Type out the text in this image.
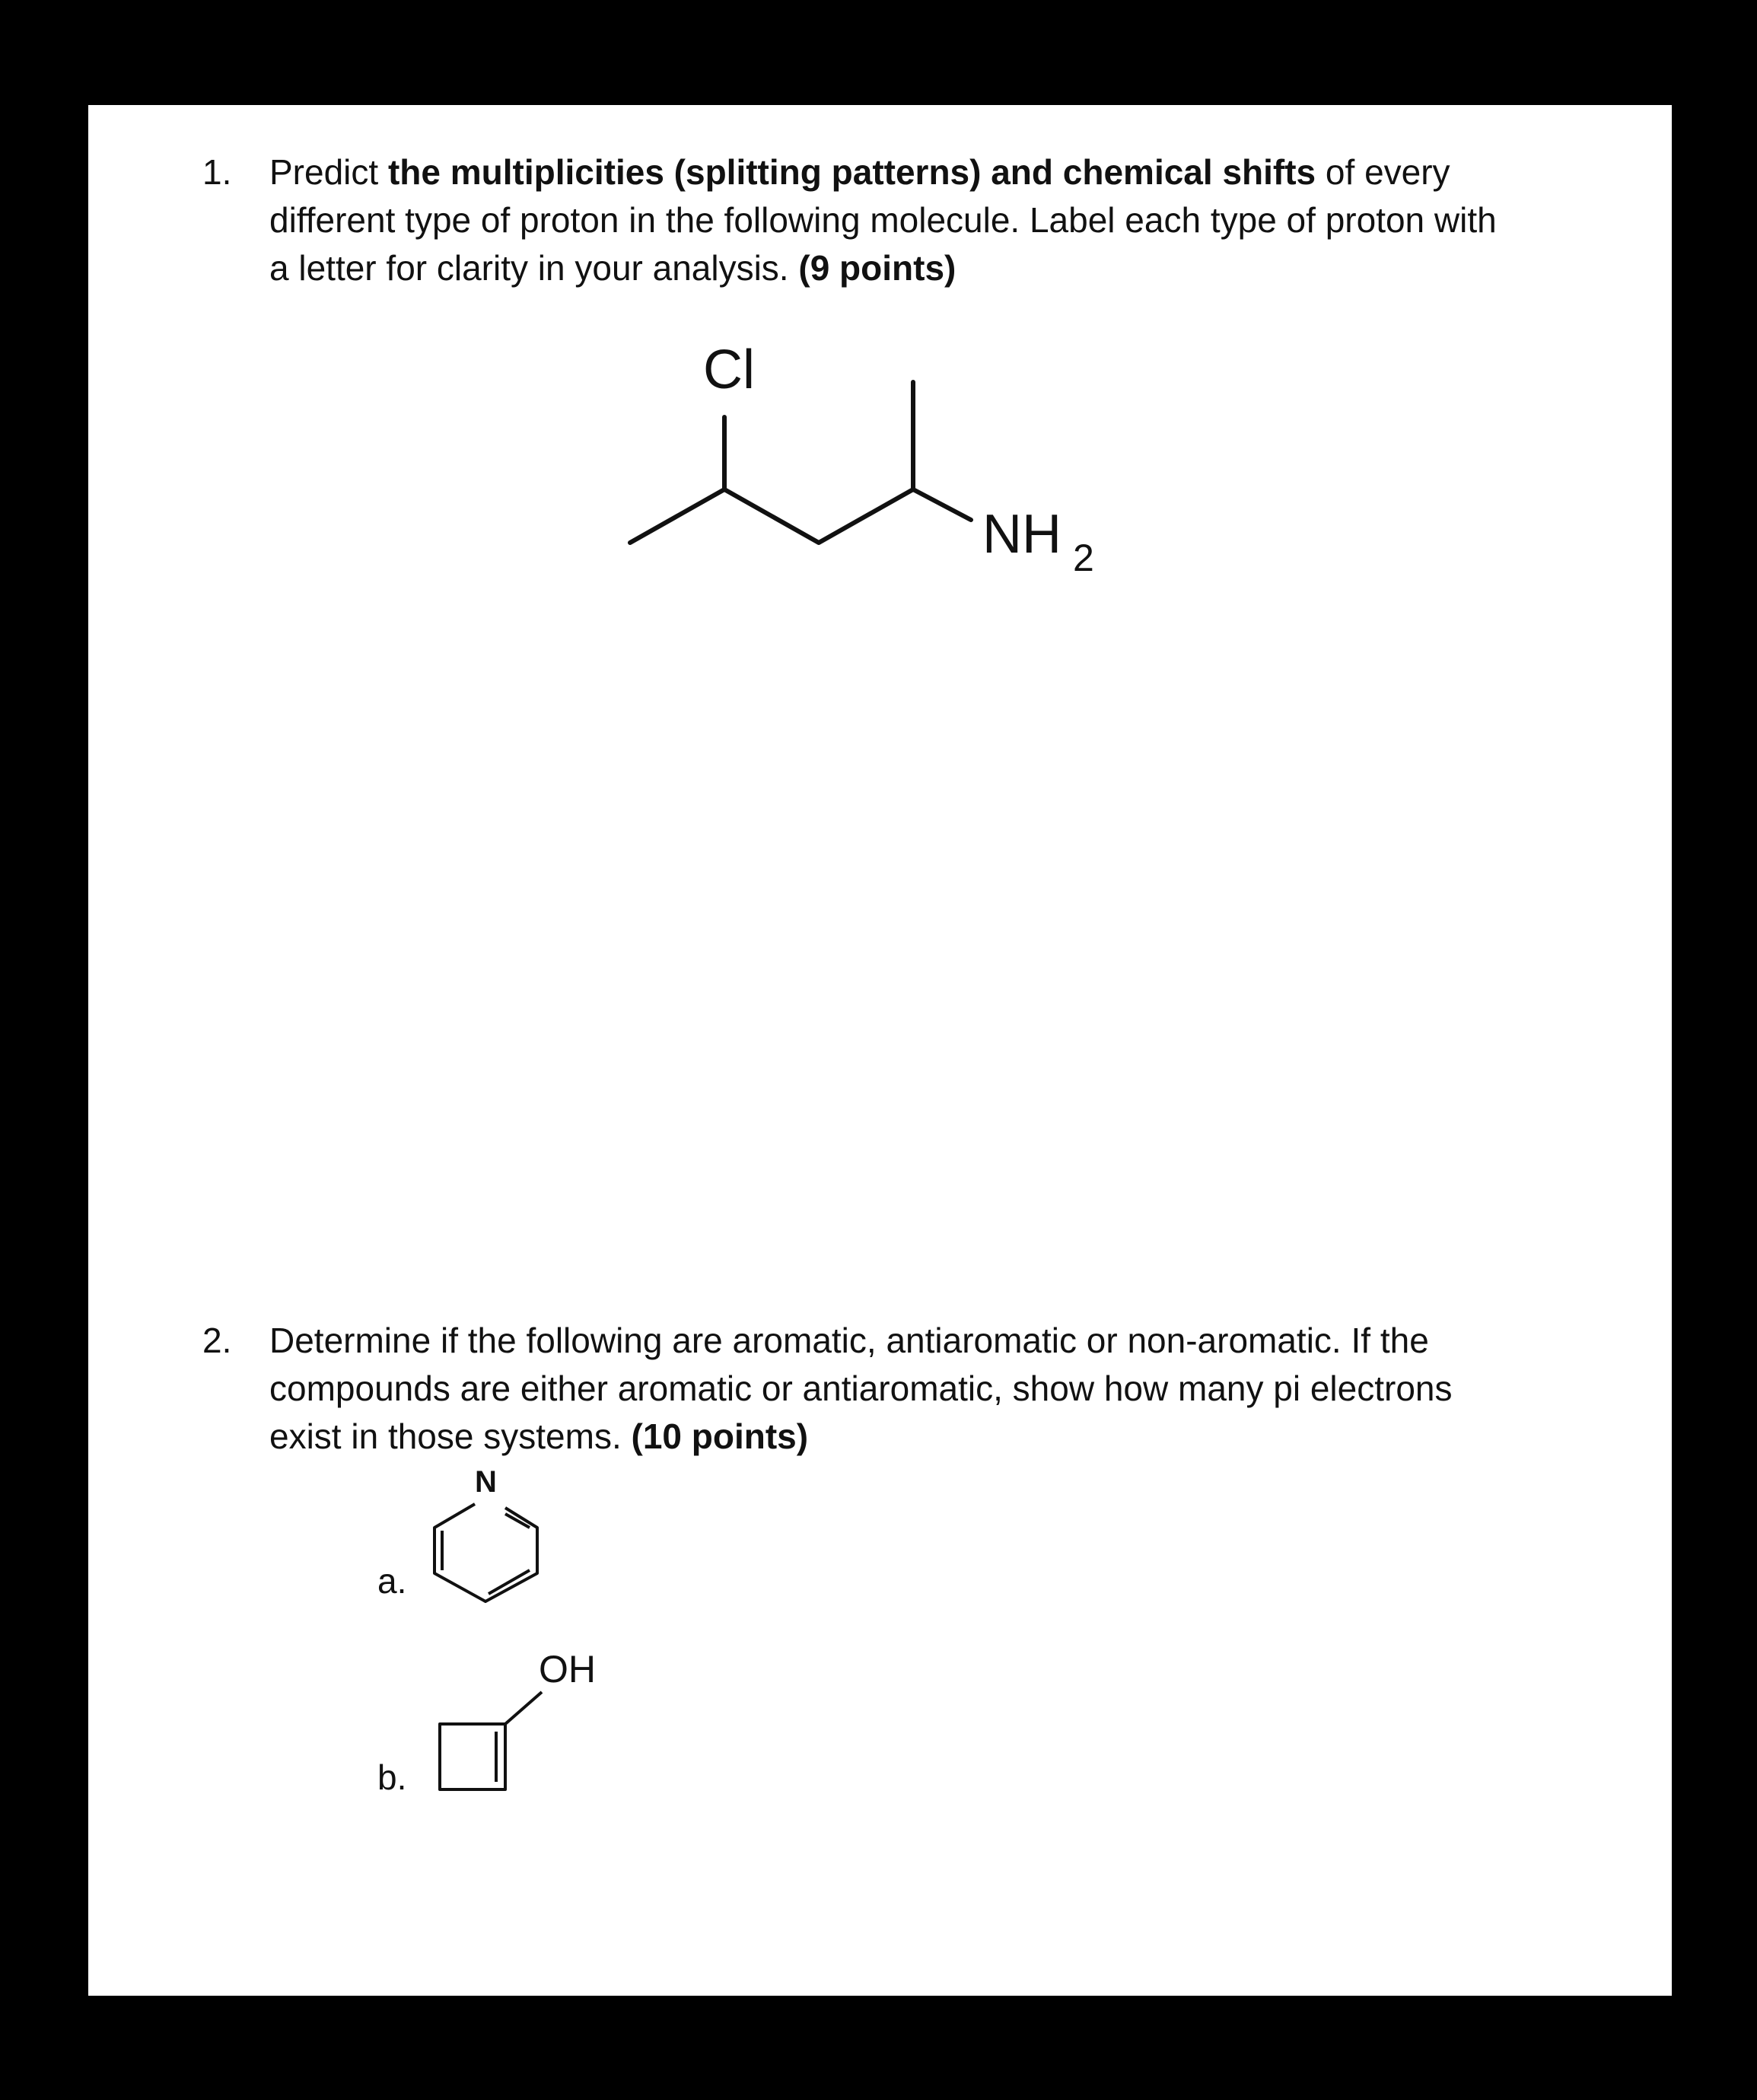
1. Predict the multiplicities (splitting patterns) and chemical shifts of every
different type of proton in the following molecule. Label each type of proton with
a letter for clarity in your analysis. (9 points)
Cl
NH 2
2. Determine if the following are aromatic, antiaromatic or non-aromatic. If the
compounds are either aromatic or antiaromatic, show how many pi electrons
exist in those systems. (10 points)
a.
N
b.
OH
